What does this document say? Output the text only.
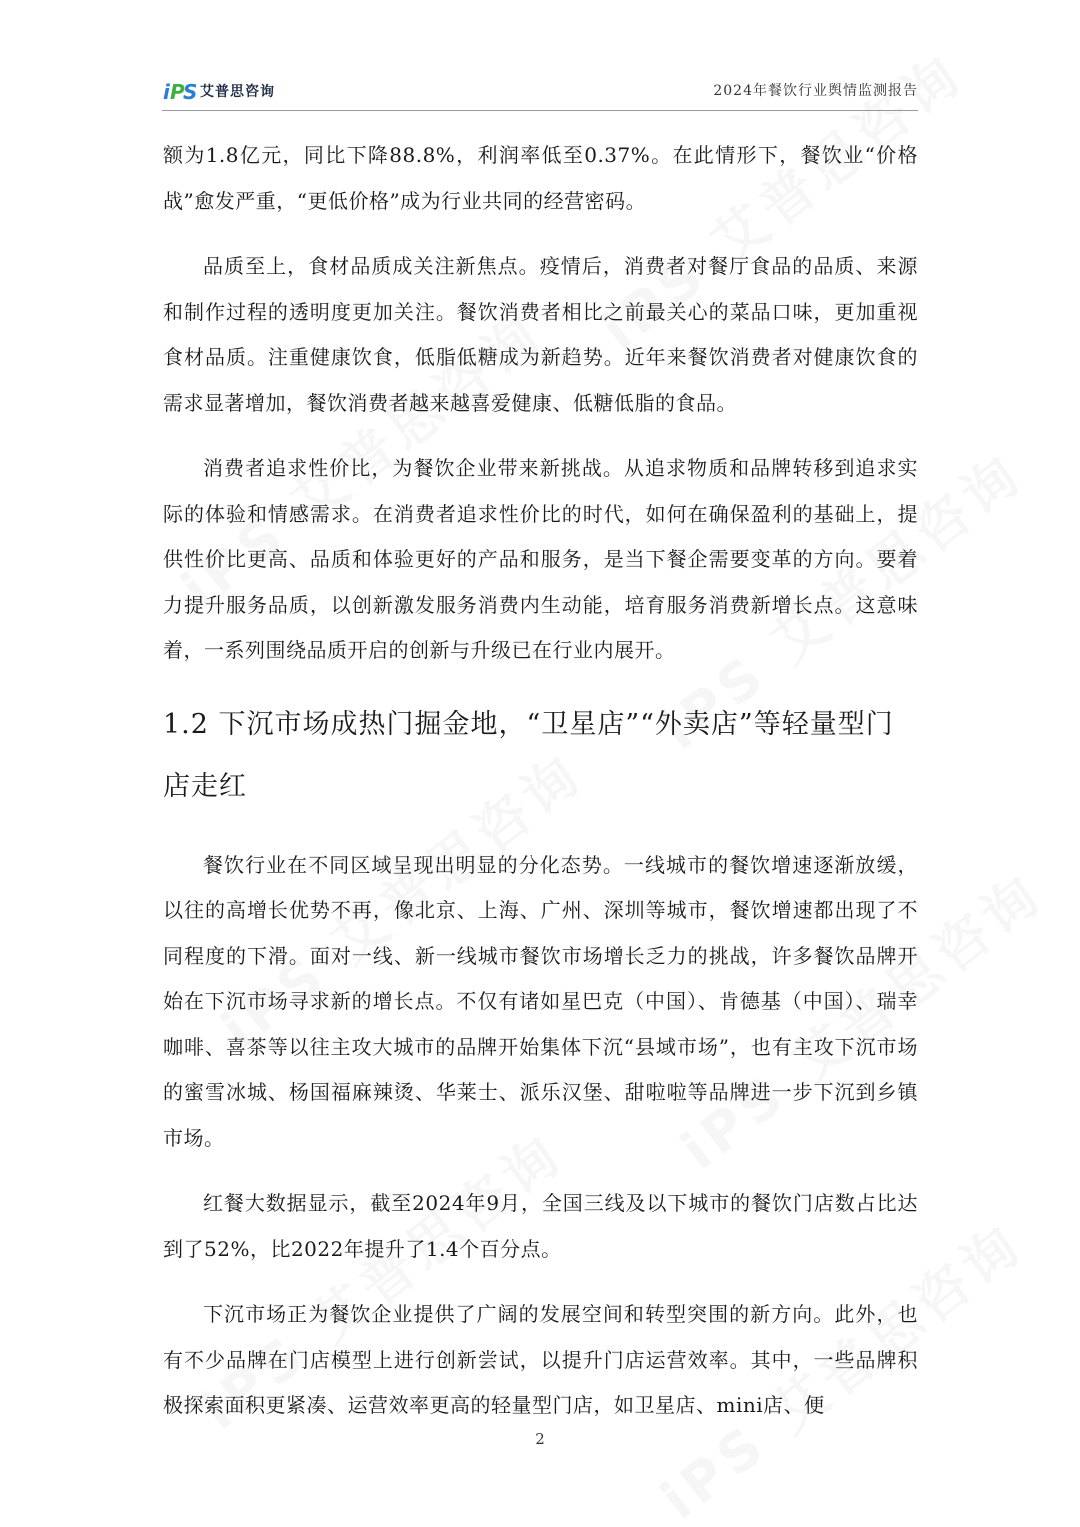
i P
S 艾普思咨询	2024年餐饮行业舆情监测报告

额为1.8亿元，同比下降88.8%，利润率低至0.37%。在此情形下，餐饮业“价格战”愈发严重，“更低价格”成为行业共同的经营密码。

品质至上，食材品质成关注新焦点。疫情后，消费者对餐厅食品的品质、来源和制作过程的透明度更加关注。餐饮消费者相比之前最关心的菜品口味，更加重视食材品质。注重健康饮食，低脂低糖成为新趋势。近年来餐饮消费者对健康饮食的需求显著增加，餐饮消费者越来越喜爱健康、低糖低脂的食品。

消费者追求性价比，为餐饮企业带来新挑战。从追求物质和品牌转移到追求实际的体验和情感需求。在消费者追求性价比的时代，如何在确保盈利的基础上，提供性价比更高、品质和体验更好的产品和服务，是当下餐企需要变革的方向。要着力提升服务品质，以创新激发服务消费内生动能，培育服务消费新增长点。这意味着，一系列围绕品质开启的创新与升级已在行业内展开。

1.2 下沉市场成热门掘金地，“卫星店”“外卖店”等轻量型门店走红

餐饮行业在不同区域呈现出明显的分化态势。一线城市的餐饮增速逐渐放缓，以往的高增长优势不再，像北京、上海、广州、深圳等城市，餐饮增速都出现了不同程度的下滑。面对一线、新一线城市餐饮市场增长乏力的挑战，许多餐饮品牌开始在下沉市场寻求新的增长点。不仅有诸如星巴克（中国）、肯德基（中国）、瑞幸咖啡、喜茶等以往主攻大城市的品牌开始集体下沉“县域市场”，也有主攻下沉市场的蜜雪冰城、杨国福麻辣烫、华莱士、派乐汉堡、甜啦啦等品牌进一步下沉到乡镇市场。

红餐大数据显示，截至2024年9月，全国三线及以下城市的餐饮门店数占比达到了52%，比2022年提升了1.4个百分点。

下沉市场正为餐饮企业提供了广阔的发展空间和转型突围的新方向。此外，也有不少品牌在门店模型上进行创新尝试，以提升门店运营效率。其中，一些品牌积极探索面积更紧凑、运营效率更高的轻量型门店，如卫星店、mini店、便

2
